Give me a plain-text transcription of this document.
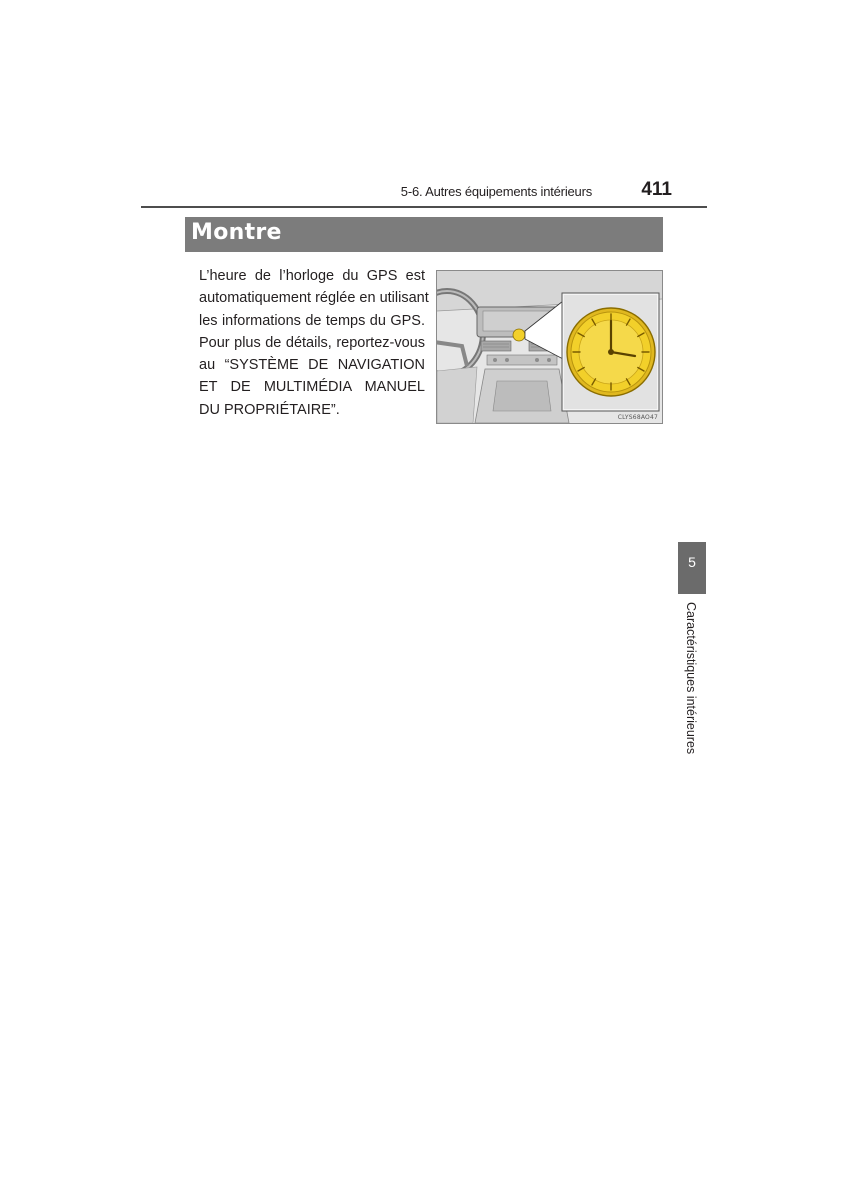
5-6. Autres équipements intérieurs	411
Montre
L’heure de l’horloge du GPS est
automatiquement réglée en utilisant
les informations de temps du GPS.
Pour plus de détails, reportez-vous
au “SYSTÈME DE NAVIGATION
ET DE MULTIMÉDIA MANUEL
DU PROPRIÉTAIRE”.	CLYS68AO47
5
Caractéristiques intérieures
